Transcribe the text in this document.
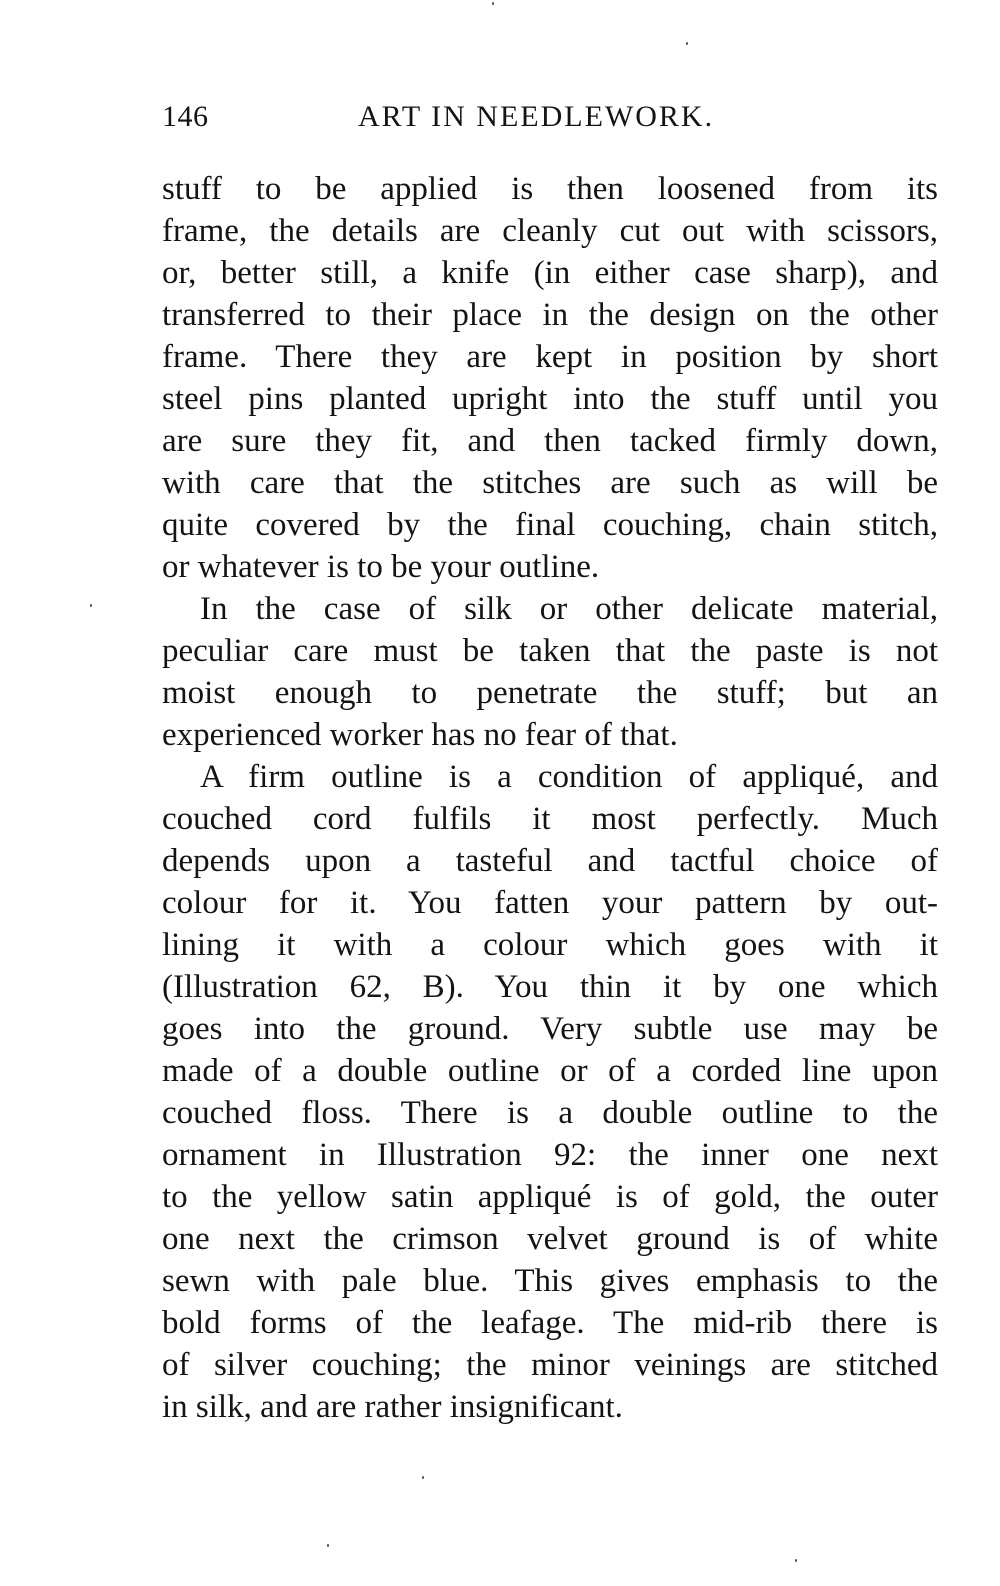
146	ART IN NEEDLEWORK.
stuff to be applied is then loosened from its
frame, the details are cleanly cut out with scissors,
or, better still, a knife (in either case sharp), and
transferred to their place in the design on the other
frame. There they are kept in position by short
steel pins planted upright into the stuff until you
are sure they fit, and then tacked firmly down,
with care that the stitches are such as will be
quite covered by the final couching, chain stitch,
or whatever is to be your outline.
In the case of silk or other delicate material,
peculiar care must be taken that the paste is not
moist enough to penetrate the stuff; but an
experienced worker has no fear of that.
A firm outline is a condition of appliqué, and
couched cord fulfils it most perfectly. Much
depends upon a tasteful and tactful choice of
colour for it. You fatten your pattern by out-
lining it with a colour which goes with it
(Illustration 62, B). You thin it by one which
goes into the ground. Very subtle use may be
made of a double outline or of a corded line upon
couched floss. There is a double outline to the
ornament in Illustration 92: the inner one next
to the yellow satin appliqué is of gold, the outer
one next the crimson velvet ground is of white
sewn with pale blue. This gives emphasis to the
bold forms of the leafage. The mid-rib there is
of silver couching; the minor veinings are stitched
in silk, and are rather insignificant.
